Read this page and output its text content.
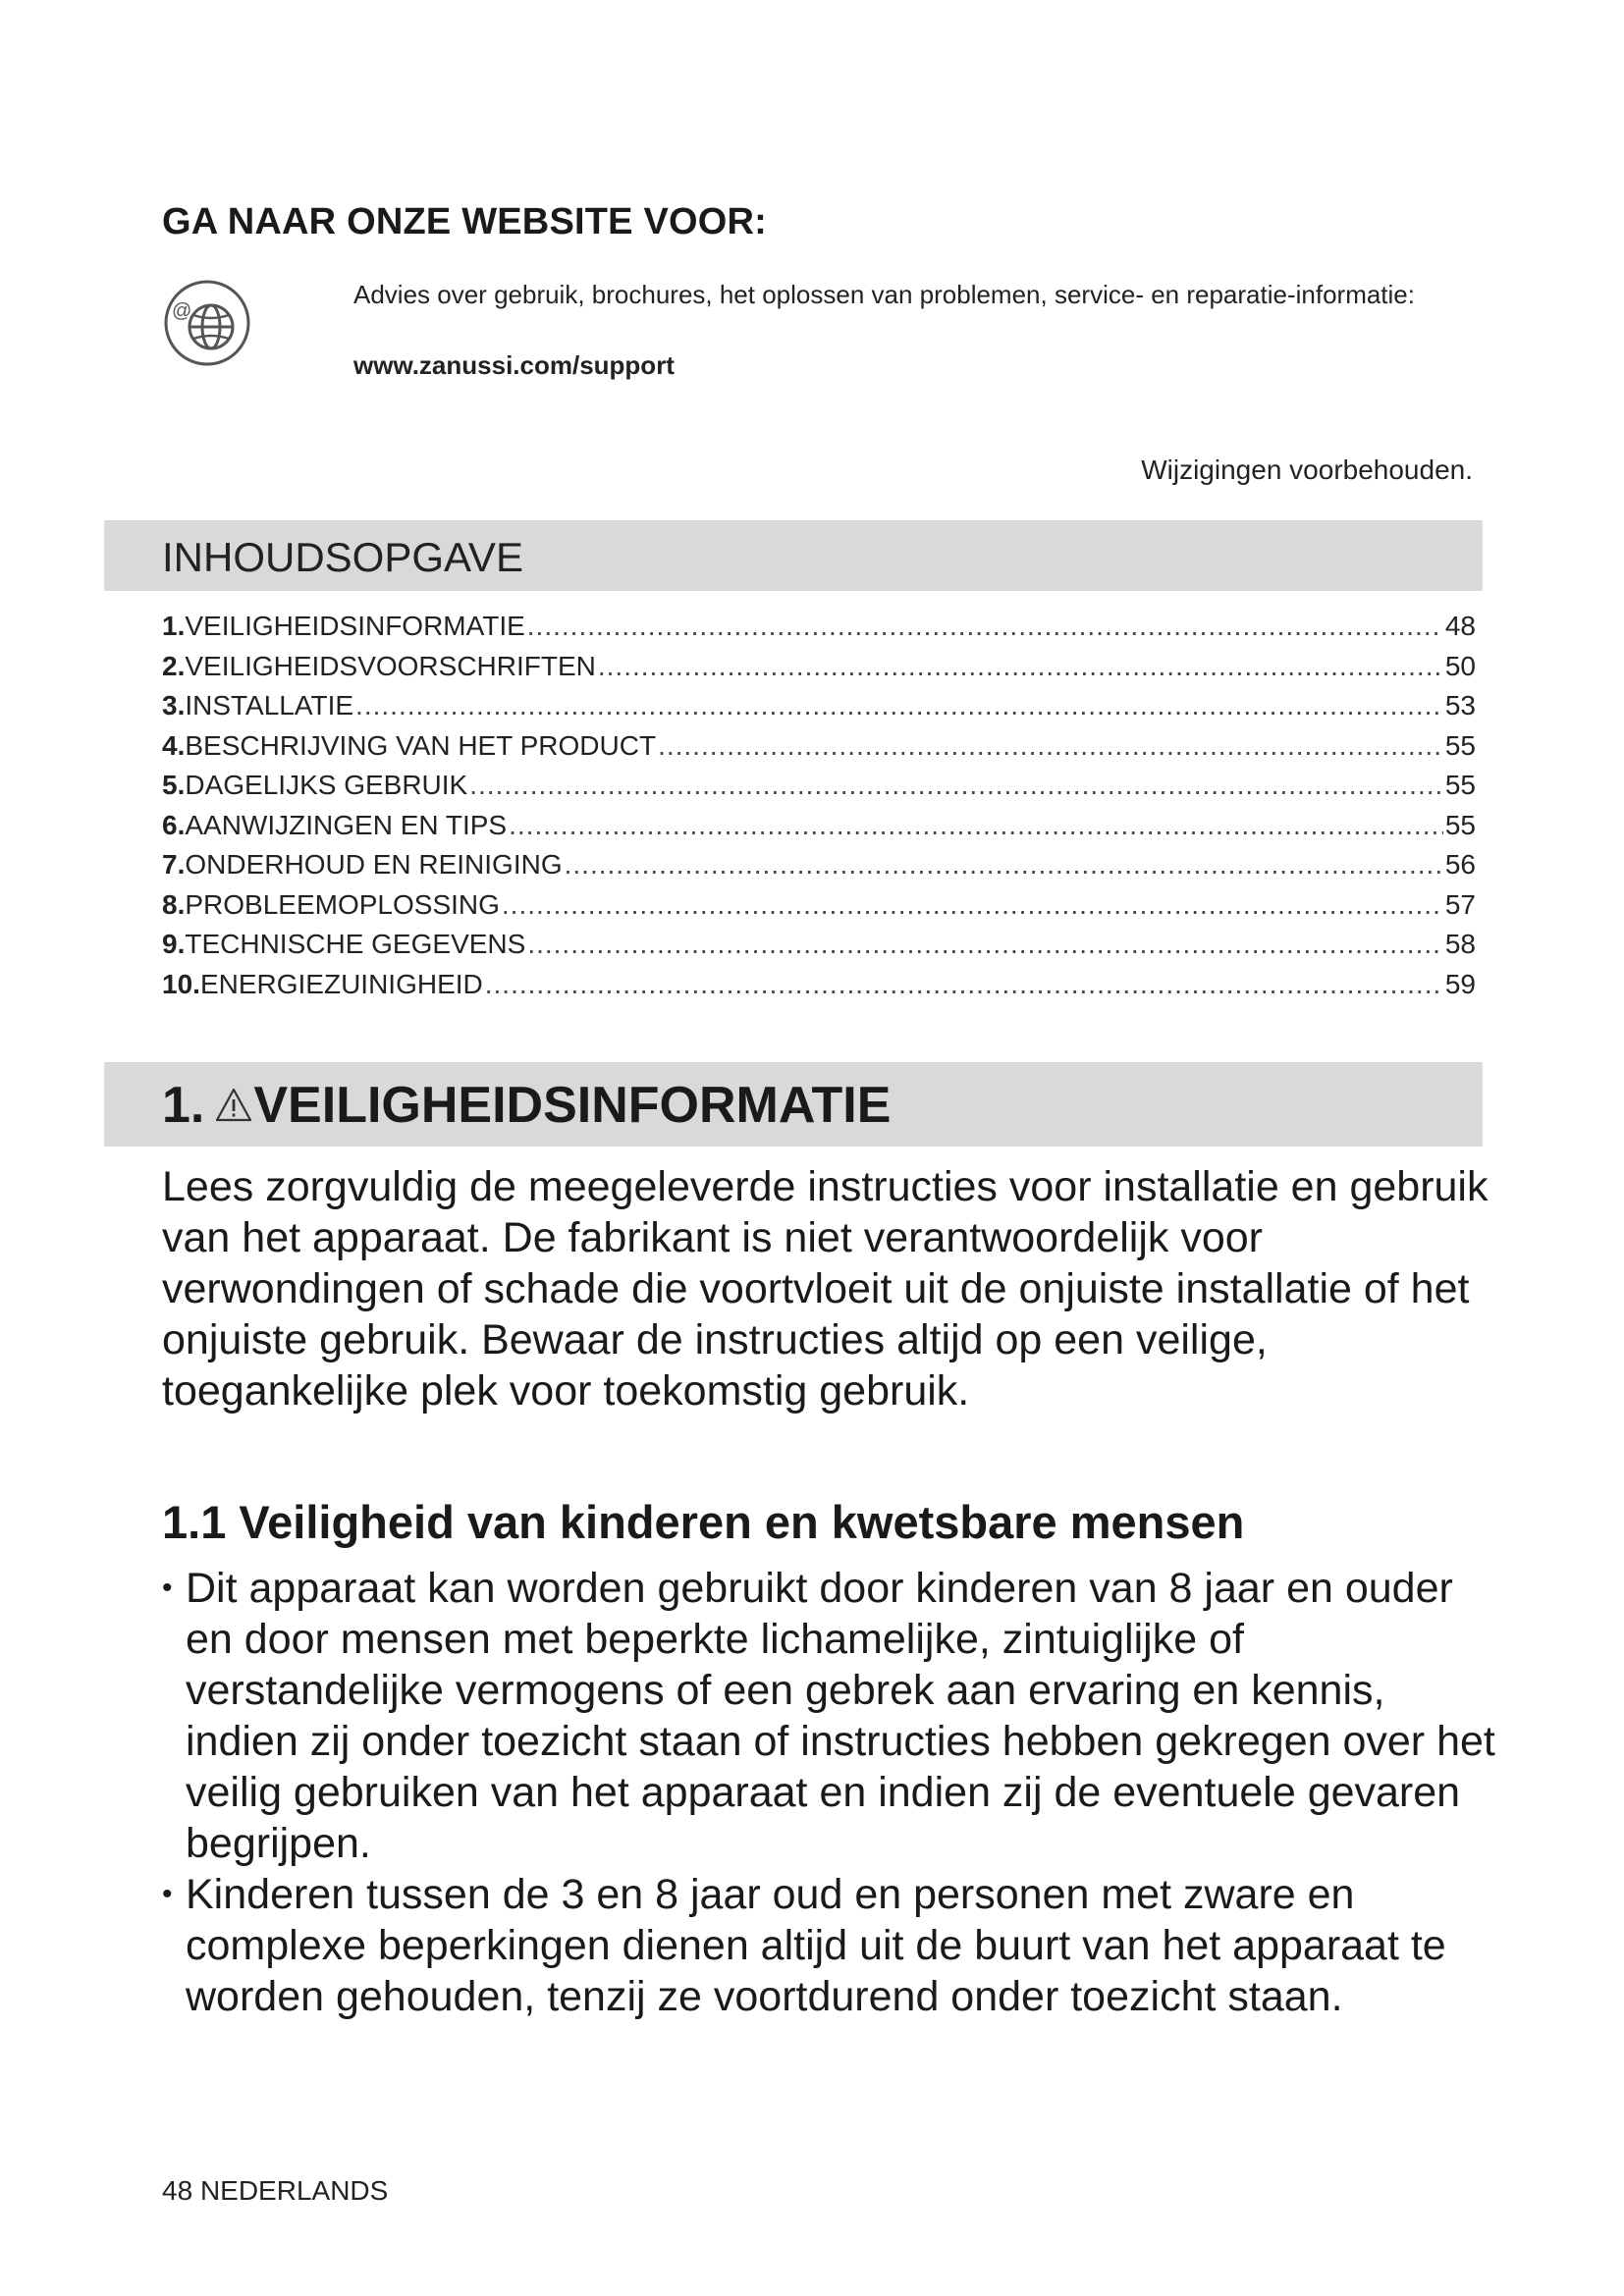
GA NAAR ONZE WEBSITE VOOR:
@
Advies over gebruik, brochures, het oplossen van problemen, service- en reparatie-informatie:
www.zanussi.com/support
Wijzigingen voorbehouden.
INHOUDSOPGAVE
1. VEILIGHEIDSINFORMATIE .....	48
2. VEILIGHEIDSVOORSCHRIFTEN .....	50
3. INSTALLATIE .....	53
4. BESCHRIJVING VAN HET PRODUCT .....	55
5. DAGELIJKS GEBRUIK .....	55
6. AANWIJZINGEN EN TIPS .....	55
7. ONDERHOUD EN REINIGING .....	56
8. PROBLEEMOPLOSSING .....	57
9. TECHNISCHE GEGEVENS .....	58
10. ENERGIEZUINIGHEID .....	59
1. VEILIGHEIDSINFORMATIE
Lees zorgvuldig de meegeleverde instructies voor installatie en gebruik van het apparaat. De fabrikant is niet verantwoordelijk voor verwondingen of schade die voortvloeit uit de onjuiste installatie of het onjuiste gebruik. Bewaar de instructies altijd op een veilige, toegankelijke plek voor toekomstig gebruik.
1.1 Veiligheid van kinderen en kwetsbare mensen
• Dit apparaat kan worden gebruikt door kinderen van 8 jaar en ouder en door mensen met beperkte lichamelijke, zintuiglijke of verstandelijke vermogens of een gebrek aan ervaring en kennis, indien zij onder toezicht staan of instructies hebben gekregen over het veilig gebruiken van het apparaat en indien zij de eventuele gevaren begrijpen.
• Kinderen tussen de 3 en 8 jaar oud en personen met zware en complexe beperkingen dienen altijd uit de buurt van het apparaat te worden gehouden, tenzij ze voortdurend onder toezicht staan.
48 NEDERLANDS
